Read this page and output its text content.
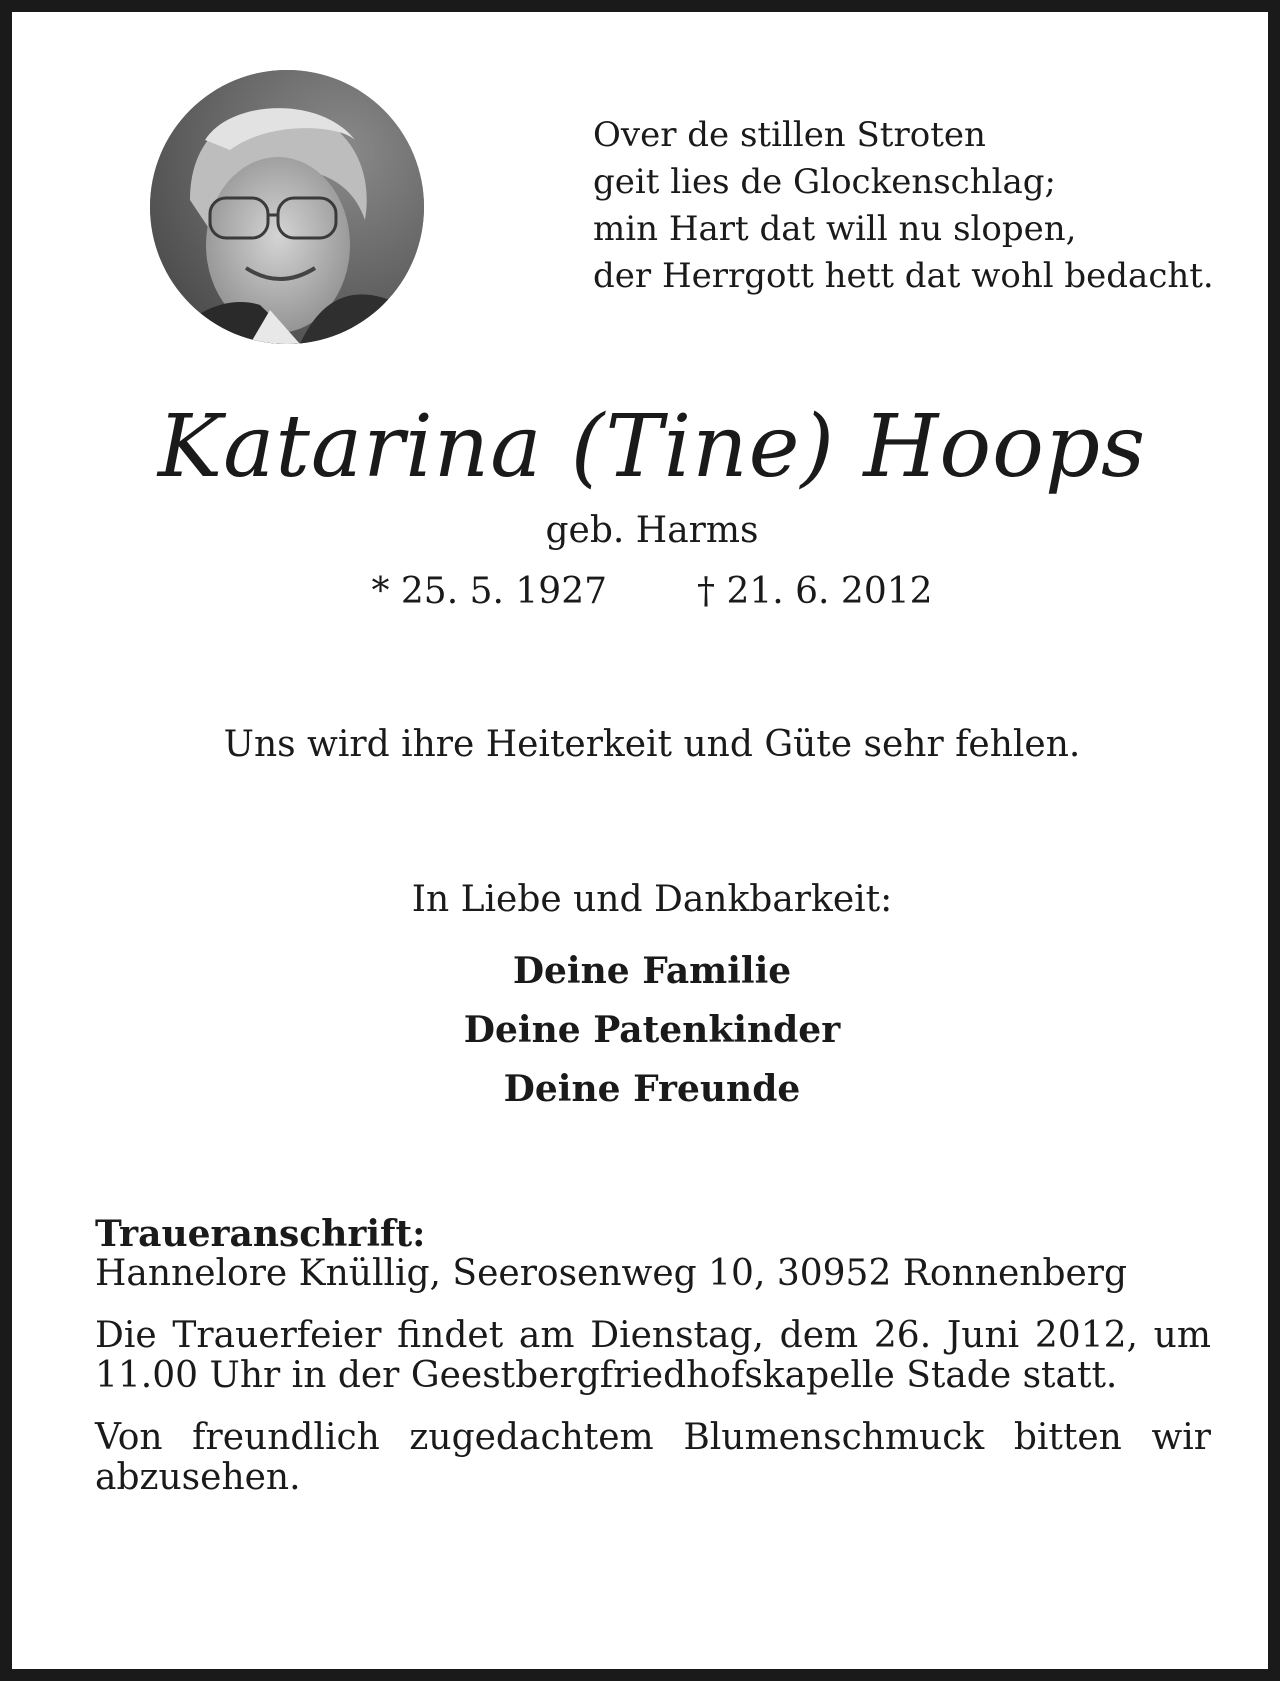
Over de stillen Stroten
geit lies de Glockenschlag;
min Hart dat will nu slopen,
der Herrgott hett dat wohl bedacht.
Katarina (Tine) Hoops
geb. Harms
* 25. 5. 1927	† 21. 6. 2012
Uns wird ihre Heiterkeit und Güte sehr fehlen.
In Liebe und Dankbarkeit:
Deine Familie
Deine Patenkinder
Deine Freunde
Traueranschrift:
Hannelore Knüllig, Seerosenweg 10, 30952 Ronnenberg
Die Trauerfeier findet am Dienstag, dem 26. Juni 2012, um 11.00 Uhr in der Geestbergfriedhofskapelle Stade statt.
Von freundlich zugedachtem Blumenschmuck bitten wir abzusehen.
